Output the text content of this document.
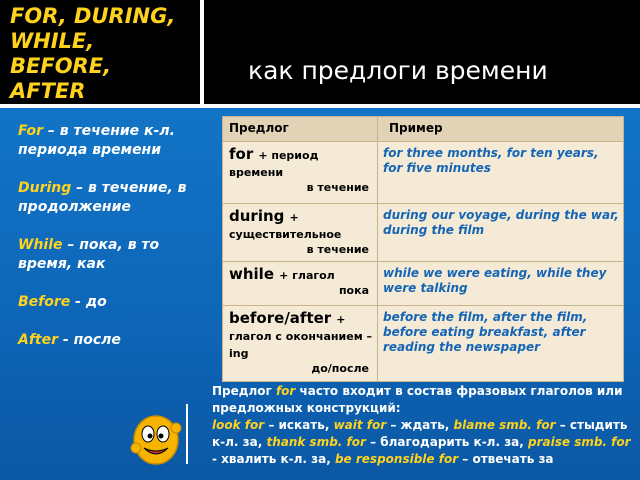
FOR, DURING,
WHILE, BEFORE,
AFTER
как предлоги времени

For – в течение к-л. периода времени

During – в течение, в продолжение

While – пока, в то время, как

Before - до

After - после

Предлог	Пример
for + период времени
в течение
for three months, for ten years, for five minutes
during + существительное
в течение
during our voyage, during the war, during the film
while + глагол
пока
while we were eating, while they were talking
before/after + глагол с окончанием –ing
до/после
before the film, after the film, before eating breakfast, after reading the newspaper
Предлог for часто входит в состав фразовых глаголов или предложных конструкций:
look for – искать, wait for – ждать, blame smb. for – стыдить к-л. за, thank smb. for – благодарить к-л. за, praise smb. for - хвалить к-л. за, be responsible for – отвечать за
